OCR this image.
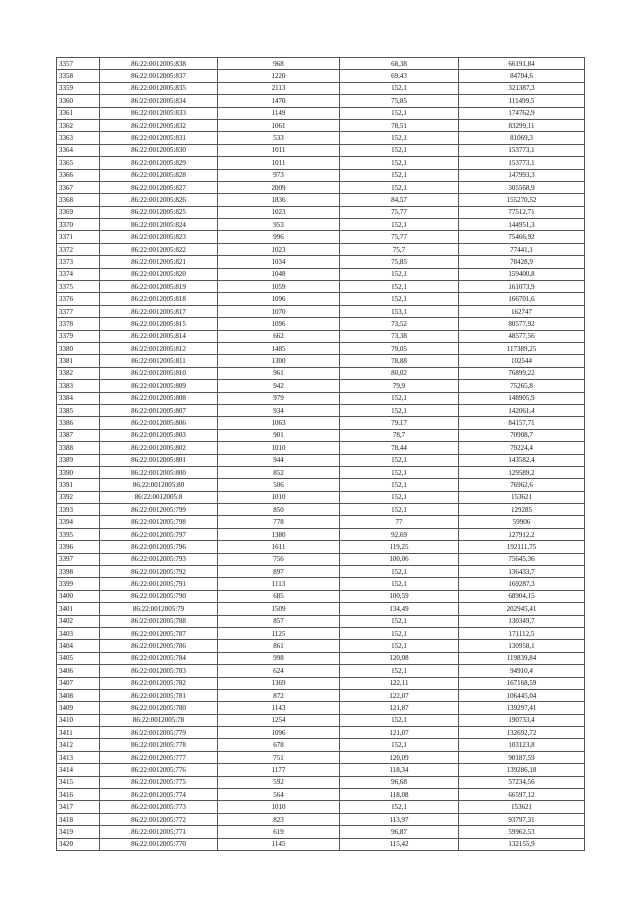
3357	86:22:0012005:838	968	68,38	66191,84
3358	86:22:0012005:837	1220	69,43	84704,6
3359	86:22:0012005:835	2113	152,1	321387,3
3360	86:22:0012005:834	1470	75,85	111499,5
3361	86:22:0012005:833	1149	152,1	174762,9
3362	86:22:0012005:832	1061	78,51	83299,11
3363	86:22:0012005:831	533	152,1	81069,3
3364	86:22:0012005:830	1011	152,1	153773,1
3365	86:22:0012005:829	1011	152,1	153773,1
3366	86:22:0012005:828	973	152,1	147993,3
3367	86:22:0012005:827	2009	152,1	305568,9
3368	86:22:0012005:826	1836	84,57	155270,52
3369	86:22:0012005:825	1023	75,77	77512,71
3370	86:22:0012005:824	953	152,1	144951,3
3371	86:22:0012005:823	996	75,77	75466,92
3372	86:22:0012005:822	1023	75,7	77441,1
3373	86:22:0012005:821	1034	75,85	78428,9
3374	86:22:0012005:820	1048	152,1	159400,8
3375	86:22:0012005:819	1059	152,1	161073,9
3376	86:22:0012005:818	1096	152,1	166701,6
3377	86:22:0012005:817	1070	153,1	162747
3378	86:22:0012005:815	1096	73,52	80577,92
3379	86:22:0012005:814	662	73,38	48577,56
3380	86:22:0012005:812	1485	79,05	117389,25
3381	86:22:0012005:811	1300	78,88	102544
3382	86:22:0012005:810	961	80,02	76899,22
3383	86:22:0012005:809	942	79,9	75265,8
3384	86:22:0012005:808	979	152,1	148905,9
3385	86:22:0012005:807	934	152,1	142061,4
3386	86:22:0012005:806	1063	79,17	84157,71
3387	86:22:0012005:803	901	78,7	70908,7
3388	86:22:0012005:802	1010	78,44	79224,4
3389	86:22:0012005:801	944	152,1	143582,4
3390	86:22:0012005:800	852	152,1	129589,2
3391	86:22:0012005:80	506	152,1	76962,6
3392	86:22:0012005:8	1010	152,1	153621
3393	86:22:0012005:799	850	152,1	129285
3394	86:22:0012005:798	778	77	59906
3395	86:22:0012005:797	1380	92,69	127912,2
3396	86:22:0012005:796	1611	119,25	192111,75
3397	86:22:0012005:793	756	100,06	75645,36
3398	86:22:0012005:792	897	152,1	136433,7
3399	86:22:0012005:791	1113	152,1	169287,3
3400	86:22:0012005:790	685	100,59	68904,15
3401	86:22:0012005:79	1509	134,49	202945,41
3402	86:22:0012005:788	857	152,1	130349,7
3403	86:22:0012005:787	1125	152,1	171112,5
3404	86:22:0012005:786	861	152,1	130958,1
3405	86:22:0012005:784	998	120,08	119839,84
3406	86:22:0012005:783	624	152,1	94910,4
3407	86:22:0012005:782	1369	122,11	167168,59
3408	86:22:0012005:781	872	122,07	106445,04
3409	86:22:0012005:780	1143	121,87	139297,41
3410	86:22:0012005:78	1254	152,1	190733,4
3411	86:22:0012005:779	1096	121,07	132692,72
3412	86:22:0012005:778	678	152,1	103123,8
3413	86:22:0012005:777	751	120,09	90187,59
3414	86:22:0012005:776	1177	118,34	139286,18
3415	86:22:0012005:775	592	96,68	57234,56
3416	86:22:0012005:774	564	118,08	66597,12
3417	86:22:0012005:773	1010	152,1	153621
3418	86:22:0012005:772	823	113,97	93797,31
3419	86:22:0012005:771	619	96,87	59962,53
3420	86:22:0012005:770	1145	115,42	132155,9
